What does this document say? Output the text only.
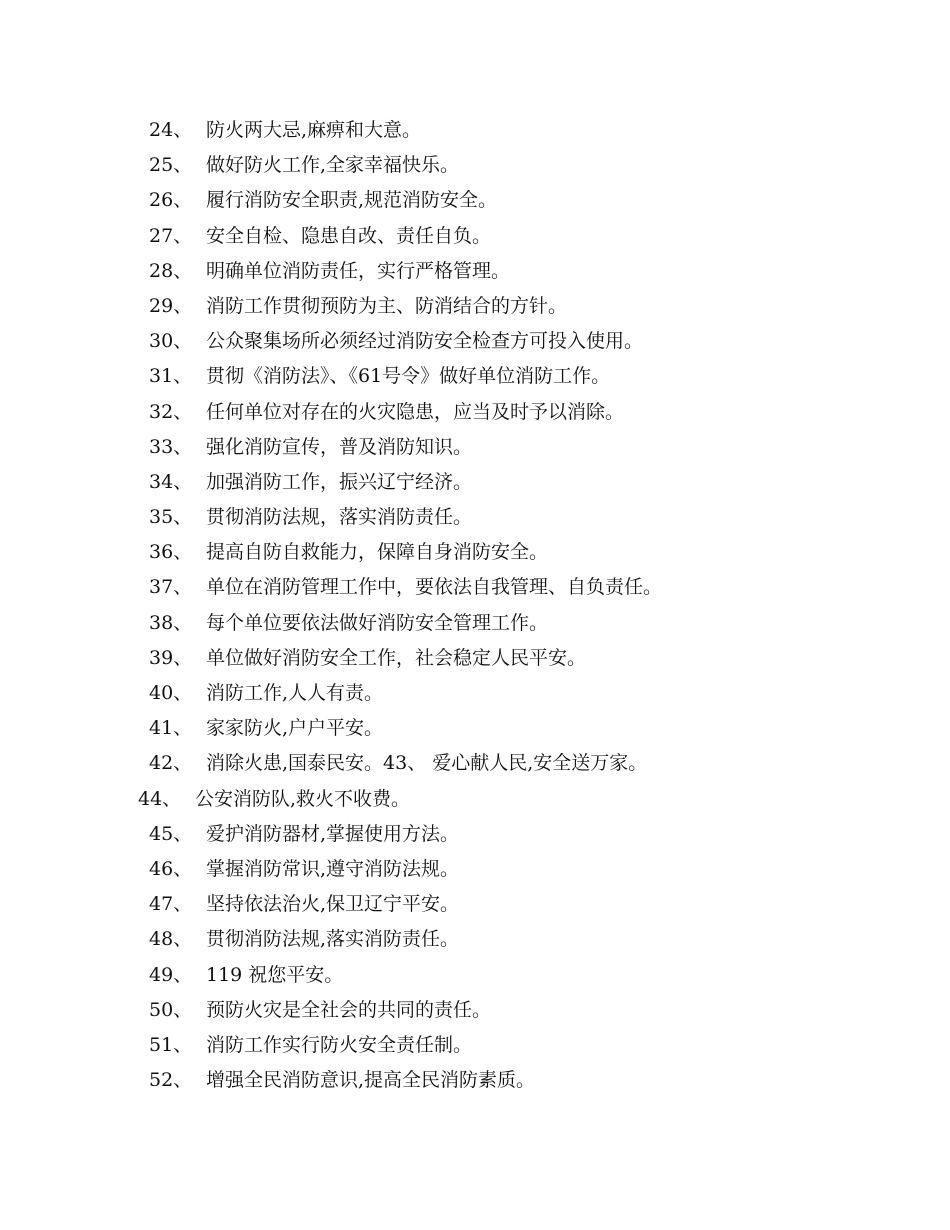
24、 防火两大忌,麻痹和大意。
25、 做好防火工作,全家幸福快乐。
26、 履行消防安全职责,规范消防安全。
27、 安全自检、隐患自改、责任自负。
28、 明确单位消防责任，实行严格管理。
29、 消防工作贯彻预防为主、防消结合的方针。
30、 公众聚集场所必须经过消防安全检查方可投入使用。
31、 贯彻《消防法》、《61号令》做好单位消防工作。
32、 任何单位对存在的火灾隐患，应当及时予以消除。
33、 强化消防宣传，普及消防知识。
34、 加强消防工作，振兴辽宁经济。
35、 贯彻消防法规，落实消防责任。
36、 提高自防自救能力，保障自身消防安全。
37、 单位在消防管理工作中，要依法自我管理、自负责任。
38、 每个单位要依法做好消防安全管理工作。
39、 单位做好消防安全工作，社会稳定人民平安。
40、 消防工作,人人有责。
41、 家家防火,户户平安。
42、 消除火患,国泰民安。43、 爱心献人民,安全送万家。
44、 公安消防队,救火不收费。
45、 爱护消防器材,掌握使用方法。
46、 掌握消防常识,遵守消防法规。
47、 坚持依法治火,保卫辽宁平安。
48、 贯彻消防法规,落实消防责任。
49、 119 祝您平安。
50、 预防火灾是全社会的共同的责任。
51、 消防工作实行防火安全责任制。
52、 增强全民消防意识,提高全民消防素质。
